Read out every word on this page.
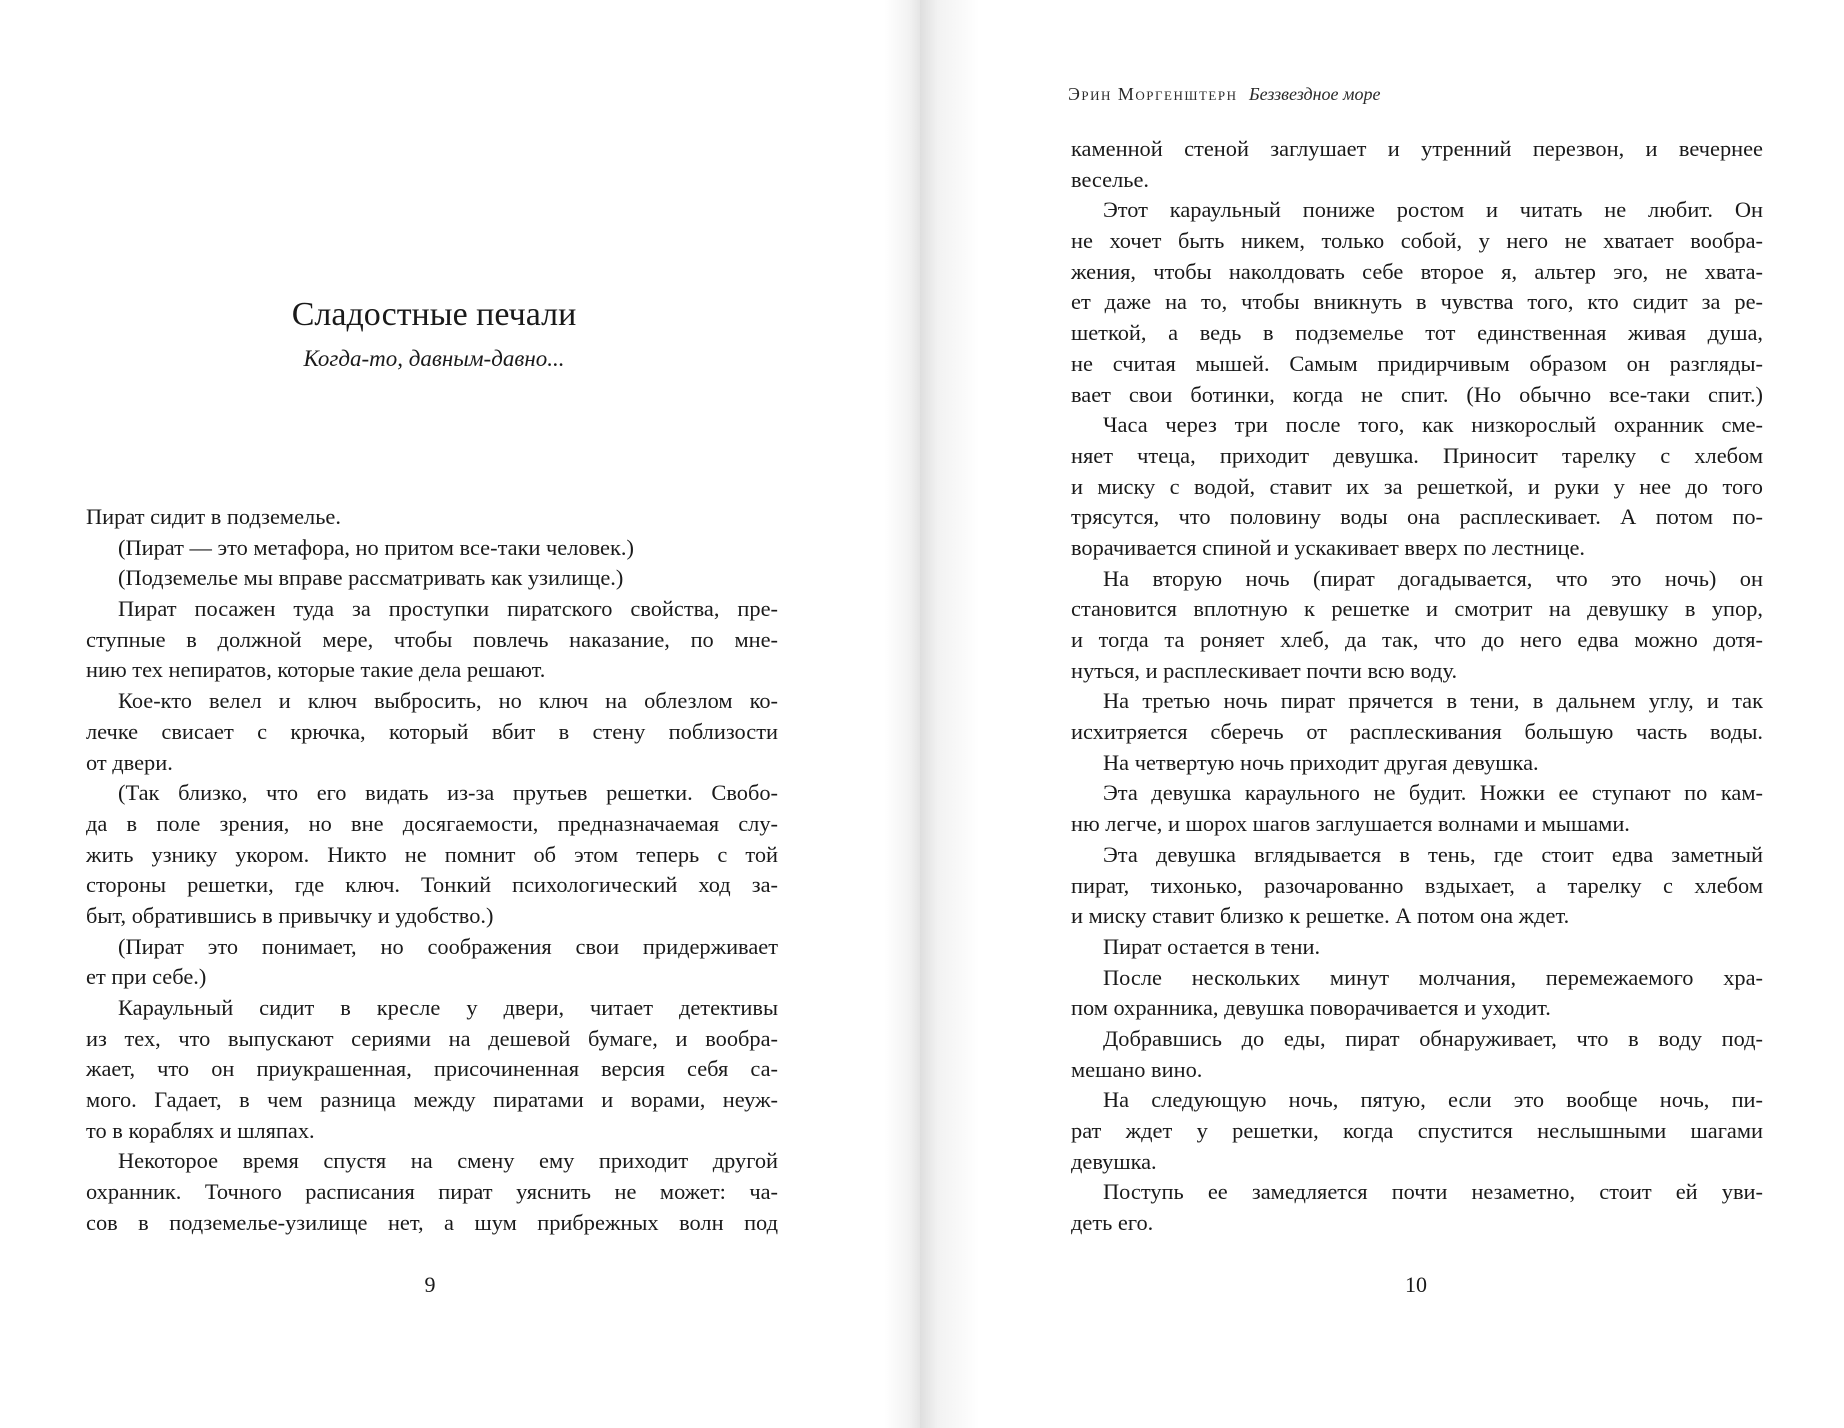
Сладостные печали
Когда-то, давным-давно...
9
Эрин Моргенштерн Беззвездное море
Пират сидит в подземелье.
(Пират — это метафора, но притом все-таки человек.)
(Подземелье мы вправе рассматривать как узилище.)
Пират посажен туда за проступки пиратского свойства, пре-
ступные в должной мере, чтобы повлечь наказание, по мне-
нию тех непиратов, которые такие дела решают.
Кое-кто велел и ключ выбросить, но ключ на облезлом ко-
лечке свисает с крючка, который вбит в стену поблизости
от двери.
(Так близко, что его видать из-за прутьев решетки. Свобо-
да в поле зрения, но вне досягаемости, предназначаемая слу-
жить узнику укором. Никто не помнит об этом теперь с той
стороны решетки, где ключ. Тонкий психологический ход за-
быт, обратившись в привычку и удобство.)
(Пират это понимает, но соображения свои придерживает
ет при себе.)
Караульный сидит в кресле у двери, читает детективы
из тех, что выпускают сериями на дешевой бумаге, и вообра-
жает, что он приукрашенная, присочиненная версия себя са-
мого. Гадает, в чем разница между пиратами и ворами, неуж-
то в кораблях и шляпах.
Некоторое время спустя на смену ему приходит другой
охранник. Точного расписания пират уяснить не может: ча-
сов в подземелье-узилище нет, а шум прибрежных волн под
каменной стеной заглушает и утренний перезвон, и вечернее
веселье.
Этот караульный пониже ростом и читать не любит. Он
не хочет быть никем, только собой, у него не хватает вообра-
жения, чтобы наколдовать себе второе я, альтер эго, не хвата-
ет даже на то, чтобы вникнуть в чувства того, кто сидит за ре-
шеткой, а ведь в подземелье тот единственная живая душа,
не считая мышей. Самым придирчивым образом он разгляды-
вает свои ботинки, когда не спит. (Но обычно все-таки спит.)
Часа через три после того, как низкорослый охранник сме-
няет чтеца, приходит девушка. Приносит тарелку с хлебом
и миску с водой, ставит их за решеткой, и руки у нее до того
трясутся, что половину воды она расплескивает. А потом по-
ворачивается спиной и ускакивает вверх по лестнице.
На вторую ночь (пират догадывается, что это ночь) он
становится вплотную к решетке и смотрит на девушку в упор,
и тогда та роняет хлеб, да так, что до него едва можно дотя-
нуться, и расплескивает почти всю воду.
На третью ночь пират прячется в тени, в дальнем углу, и так
исхитряется сберечь от расплескивания большую часть воды.
На четвертую ночь приходит другая девушка.
Эта девушка караульного не будит. Ножки ее ступают по кам-
ню легче, и шорох шагов заглушается волнами и мышами.
Эта девушка вглядывается в тень, где стоит едва заметный
пират, тихонько, разочарованно вздыхает, а тарелку с хлебом
и миску ставит близко к решетке. А потом она ждет.
Пират остается в тени.
После нескольких минут молчания, перемежаемого хра-
пом охранника, девушка поворачивается и уходит.
Добравшись до еды, пират обнаруживает, что в воду под-
мешано вино.
На следующую ночь, пятую, если это вообще ночь, пи-
рат ждет у решетки, когда спустится неслышными шагами
девушка.
Поступь ее замедляется почти незаметно, стоит ей уви-
деть его.
10
